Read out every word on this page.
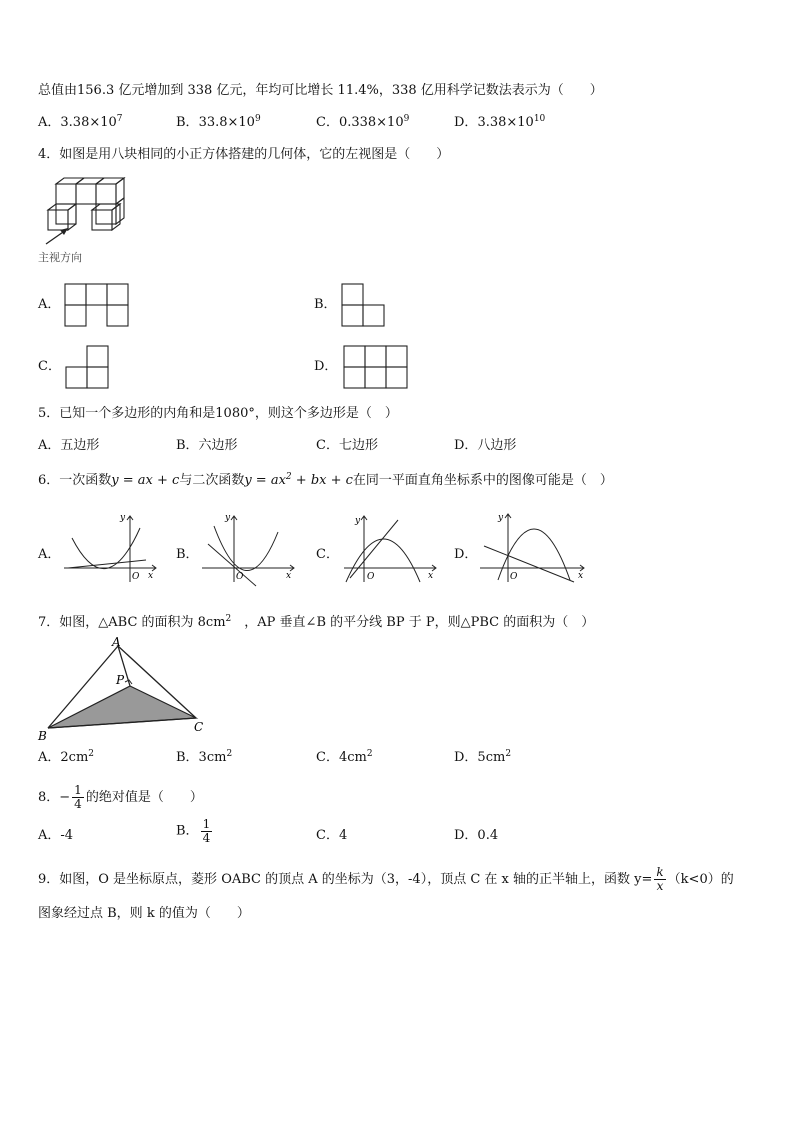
总值由156.3 亿元增加到 338 亿元，年均可比增长 11.4%，338 亿用科学记数法表示为（　　）
A．$3.38\times 10^7$	B．$33.8\times 10^9$	C．$0.338\times 10^9$	D．$3.38\times 10^{10}$
4．如图是用八块相同的小正方体搭建的几何体，它的左视图是（　　）
主视方向
A．	B．
C．	D．
5．已知一个多边形的内角和是1080°，则这个多边形是（　）
A．五边形	B．六边形	C．七边形	D．八边形
6．一次函数y = ax + c与二次函数$y = ax^2$ + bx + c在同一平面直角坐标系中的图像可能是（　）
A．
y
x
O
B．
y
x
O
C．
y
x
O
D．
y
x
O
7．如图，△ABC 的面积为 $8cm^2$　，AP 垂直∠B 的平分线 BP 于 P，则△PBC 的面积为（　）
A
B
C
P
A．$2cm^2$	B．$3cm^2$	C．$4cm^2$	D．$5cm^2$
8．− $\frac{1}{4}$ 的绝对值是（　　）
A．-4	B． $\frac{1}{4}$	C．4	D．0.4
9．如图，O 是坐标原点，菱形 OABC 的顶点 A 的坐标为（3，-4），顶点 C 在 x 轴的正半轴上，函数 $y= \frac{k}{x} (k<0)$的
图象经过点 B，则 k 的值为（　　）
